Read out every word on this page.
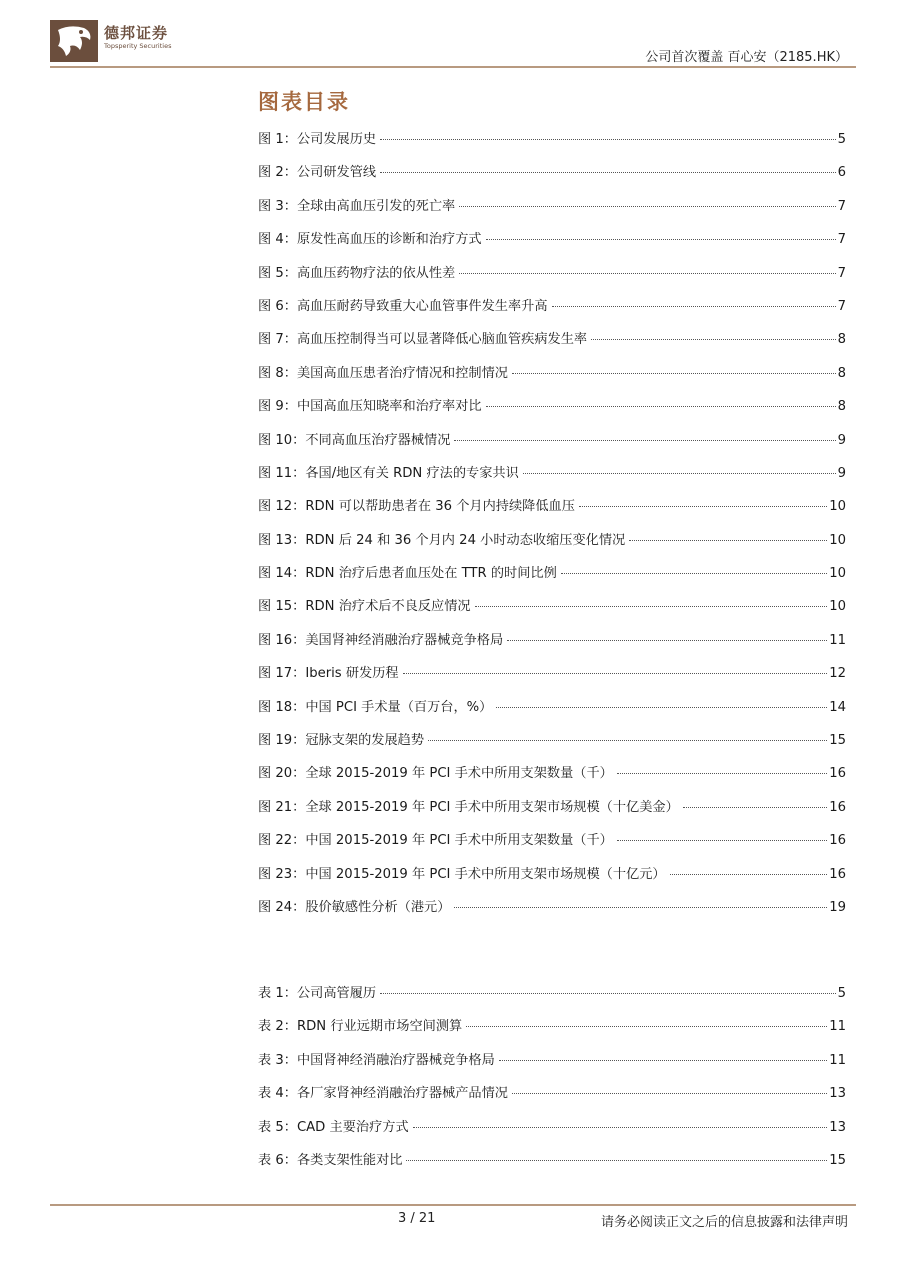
德邦证券
Topsperity Securities
公司首次覆盖 百心安（2185.HK）
图表目录
图 1：公司发展历史	5
图 2：公司研发管线	6
图 3：全球由高血压引发的死亡率	7
图 4：原发性高血压的诊断和治疗方式	7
图 5：高血压药物疗法的依从性差	7
图 6：高血压耐药导致重大心血管事件发生率升高	7
图 7：高血压控制得当可以显著降低心脑血管疾病发生率	8
图 8：美国高血压患者治疗情况和控制情况	8
图 9：中国高血压知晓率和治疗率对比	8
图 10：不同高血压治疗器械情况	9
图 11：各国/地区有关 RDN 疗法的专家共识	9
图 12：RDN 可以帮助患者在 36 个月内持续降低血压	10
图 13：RDN 后 24 和 36 个月内 24 小时动态收缩压变化情况	10
图 14：RDN 治疗后患者血压处在 TTR 的时间比例	10
图 15：RDN 治疗术后不良反应情况	10
图 16：美国肾神经消融治疗器械竞争格局	11
图 17：Iberis 研发历程	12
图 18：中国 PCI 手术量（百万台，%）	14
图 19：冠脉支架的发展趋势	15
图 20：全球 2015-2019 年 PCI 手术中所用支架数量（千）	16
图 21：全球 2015-2019 年 PCI 手术中所用支架市场规模（十亿美金）	16
图 22：中国 2015-2019 年 PCI 手术中所用支架数量（千）	16
图 23：中国 2015-2019 年 PCI 手术中所用支架市场规模（十亿元）	16
图 24：股价敏感性分析（港元）	19
表 1：公司高管履历	5
表 2：RDN 行业远期市场空间测算	11
表 3：中国肾神经消融治疗器械竞争格局	11
表 4：各厂家肾神经消融治疗器械产品情况	13
表 5：CAD 主要治疗方式	13
表 6：各类支架性能对比	15
3 / 21	请务必阅读正文之后的信息披露和法律声明
